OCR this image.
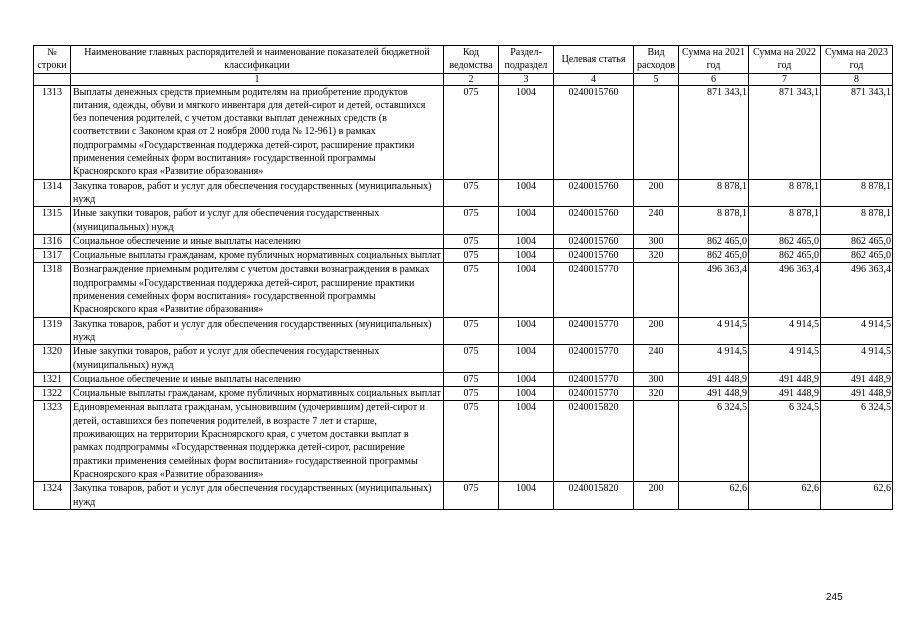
№ строки	Наименование главных распорядителей и наименование показателей бюджетной классификации	Код ведомства	Раздел-подраздел	Целевая статья	Вид расходов	Сумма на 2021 год	Сумма на 2022 год	Сумма на 2023 год
	1	2	3	4	5	6	7	8
1313	Выплаты денежных средств приемным родителям на приобретение продуктов питания, одежды, обуви и мягкого инвентаря для детей-сирот и детей, оставшихся без попечения родителей, с учетом доставки выплат денежных средств (в соответствии с Законом края от 2 ноября 2000 года № 12-961) в рамках подпрограммы «Государственная поддержка детей-сирот, расширение практики применения семейных форм воспитания» государственной программы Красноярского края «Развитие образования»	075	1004	0240015760		871 343,1	871 343,1	871 343,1
1314	Закупка товаров, работ и услуг для обеспечения государственных (муниципальных) нужд	075	1004	0240015760	200	8 878,1	8 878,1	8 878,1
1315	Иные закупки товаров, работ и услуг для обеспечения государственных (муниципальных) нужд	075	1004	0240015760	240	8 878,1	8 878,1	8 878,1
1316	Социальное обеспечение и иные выплаты населению	075	1004	0240015760	300	862 465,0	862 465,0	862 465,0
1317	Социальные выплаты гражданам, кроме публичных нормативных социальных выплат	075	1004	0240015760	320	862 465,0	862 465,0	862 465,0
1318	Вознаграждение приемным родителям с учетом доставки вознаграждения в рамках подпрограммы «Государственная поддержка детей-сирот, расширение практики применения семейных форм воспитания» государственной программы Красноярского края «Развитие образования»	075	1004	0240015770		496 363,4	496 363,4	496 363,4
1319	Закупка товаров, работ и услуг для обеспечения государственных (муниципальных) нужд	075	1004	0240015770	200	4 914,5	4 914,5	4 914,5
1320	Иные закупки товаров, работ и услуг для обеспечения государственных (муниципальных) нужд	075	1004	0240015770	240	4 914,5	4 914,5	4 914,5
1321	Социальное обеспечение и иные выплаты населению	075	1004	0240015770	300	491 448,9	491 448,9	491 448,9
1322	Социальные выплаты гражданам, кроме публичных нормативных социальных выплат	075	1004	0240015770	320	491 448,9	491 448,9	491 448,9
1323	Единовременная выплата гражданам, усыновившим (удочерившим) детей-сирот и детей, оставшихся без попечения родителей, в возрасте 7 лет и старше, проживающих на территории Красноярского края, с учетом доставки выплат в рамках подпрограммы «Государственная поддержка детей-сирот, расширение практики применения семейных форм воспитания» государственной программы Красноярского края «Развитие образования»	075	1004	0240015820		6 324,5	6 324,5	6 324,5
1324	Закупка товаров, работ и услуг для обеспечения государственных (муниципальных) нужд	075	1004	0240015820	200	62,6	62,6	62,6
245
